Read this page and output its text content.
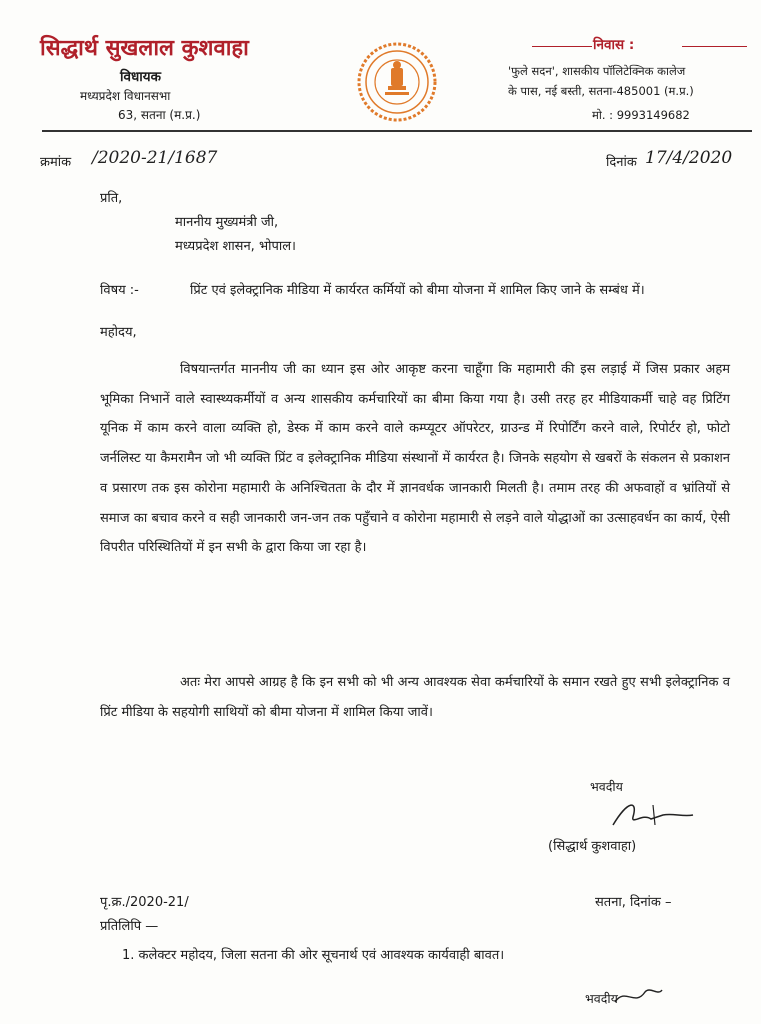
सिद्धार्थ सुखलाल कुशवाहा
विधायक
मध्यप्रदेश विधानसभा
63, सतना (म.प्र.)
निवास :
'फुले सदन', शासकीय पॉलिटेक्निक कालेज
के पास, नई बस्ती, सतना-485001 (म.प्र.)
मो. : 9993149682
क्रमांक /2020-21/1687	दिनांक 17/4/2020
प्रति,
माननीय मुख्यमंत्री जी,
मध्यप्रदेश शासन, भोपाल।
विषय :-	प्रिंट एवं इलेक्ट्रानिक मीडिया में कार्यरत कर्मियों को बीमा योजना में शामिल किए जाने के सम्बंध में।
महोदय,
विषयान्तर्गत माननीय जी का ध्यान इस ओर आकृष्ट करना चाहूँगा कि महामारी की इस लड़ाई में जिस प्रकार अहम भूमिका निभानें वाले स्वास्थ्यकर्मीयों व अन्य शासकीय कर्मचारियों का बीमा किया गया है। उसी तरह हर मीडियाकर्मी चाहे वह प्रिटिंग यूनिक में काम करने वाला व्यक्ति हो, डेस्क में काम करने वाले कम्प्यूटर ऑपरेटर, ग्राउन्ड में रिपोर्टिंग करने वाले, रिपोर्टर हो, फोटो जर्नलिस्ट या कैमरामैन जो भी व्यक्ति प्रिंट व इलेक्ट्रानिक मीडिया संस्थानों में कार्यरत है। जिनके सहयोग से खबरों के संकलन से प्रकाशन व प्रसारण तक इस कोरोना महामारी के अनिश्चितता के दौर में ज्ञानवर्धक जानकारी मिलती है। तमाम तरह की अफवाहों व भ्रांतियों से समाज का बचाव करने व सही जानकारी जन-जन तक पहुँचाने व कोरोना महामारी से लड़ने वाले योद्धाओं का उत्साहवर्धन का कार्य, ऐसी विपरीत परिस्थितियों में इन सभी के द्वारा किया जा रहा है।
अतः मेरा आपसे आग्रह है कि इन सभी को भी अन्य आवश्यक सेवा कर्मचारियों के समान रखते हुए सभी इलेक्ट्रानिक व प्रिंट मीडिया के सहयोगी साथियों को बीमा योजना में शामिल किया जावें।
भवदीय
(सिद्धार्थ कुशवाहा)
पृ.क्र./2020-21/	सतना, दिनांक –
प्रतिलिपि —
1. कलेक्टर महोदय, जिला सतना की ओर सूचनार्थ एवं आवश्यक कार्यवाही बावत।
भवदीय
